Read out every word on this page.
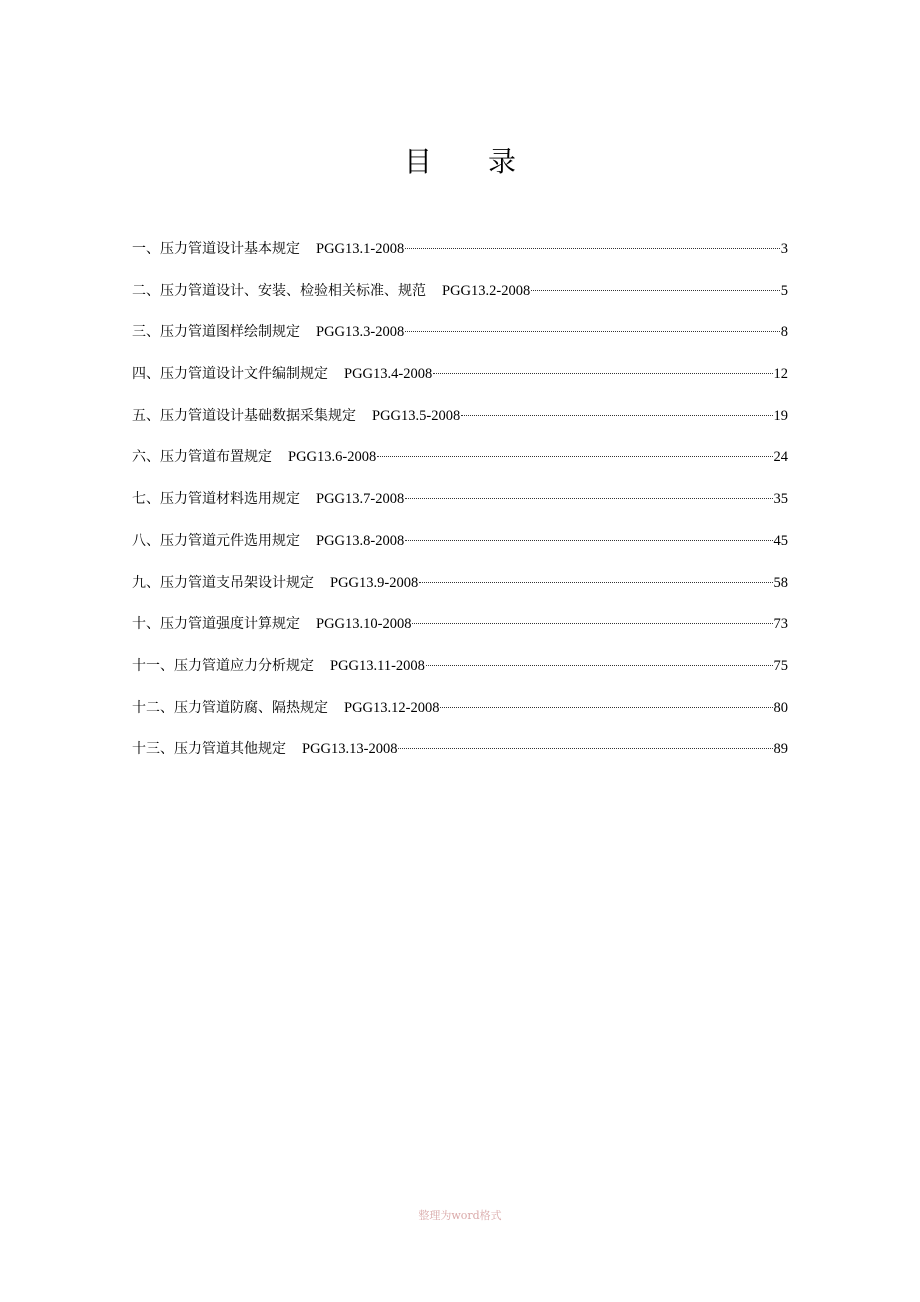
目录
一、压力管道设计基本规定 PGG13.1-2008	3
二、压力管道设计、安装、检验相关标准、规范 PGG13.2-2008	5
三、压力管道图样绘制规定 PGG13.3-2008	8
四、压力管道设计文件编制规定 PGG13.4-2008	12
五、压力管道设计基础数据采集规定 PGG13.5-2008	19
六、压力管道布置规定 PGG13.6-2008	24
七、压力管道材料选用规定 PGG13.7-2008	35
八、压力管道元件选用规定 PGG13.8-2008	45
九、压力管道支吊架设计规定 PGG13.9-2008	58
十、压力管道强度计算规定 PGG13.10-2008	73
十一、压力管道应力分析规定 PGG13.11-2008	75
十二、压力管道防腐、隔热规定 PGG13.12-2008	80
十三、压力管道其他规定 PGG13.13-2008	89
整理为word格式
